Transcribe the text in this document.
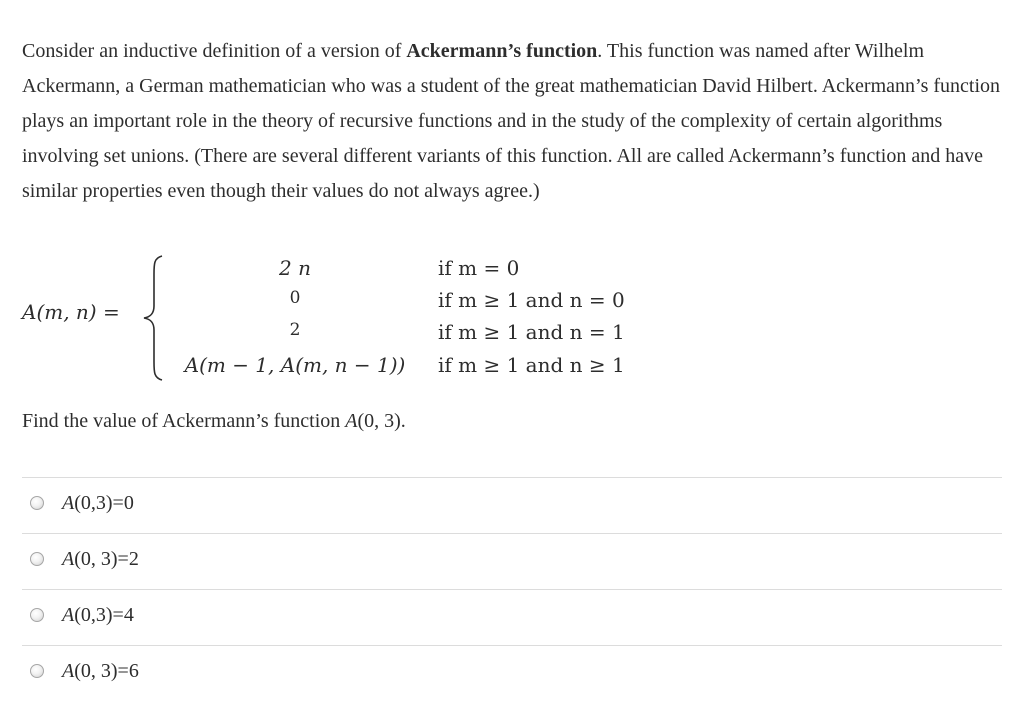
Consider an inductive definition of a version of Ackermann’s function. This function was named after Wilhelm Ackermann, a German mathematician who was a student of the great mathematician David Hilbert. Ackermann’s function plays an important role in the theory of recursive functions and in the study of the complexity of certain algorithms involving set unions. (There are several different variants of this function. All are called Ackermann’s function and have similar properties even though their values do not always agree.)
A(m, n) =
2 n
0
2
A(m − 1, A(m, n − 1))
if m = 0
if m ≥ 1 and n = 0
if m ≥ 1 and n = 1
if m ≥ 1 and n ≥ 1
Find the value of Ackermann’s function A(0, 3).
A(0,3)=0
A(0, 3)=2
A(0,3)=4
A(0, 3)=6
